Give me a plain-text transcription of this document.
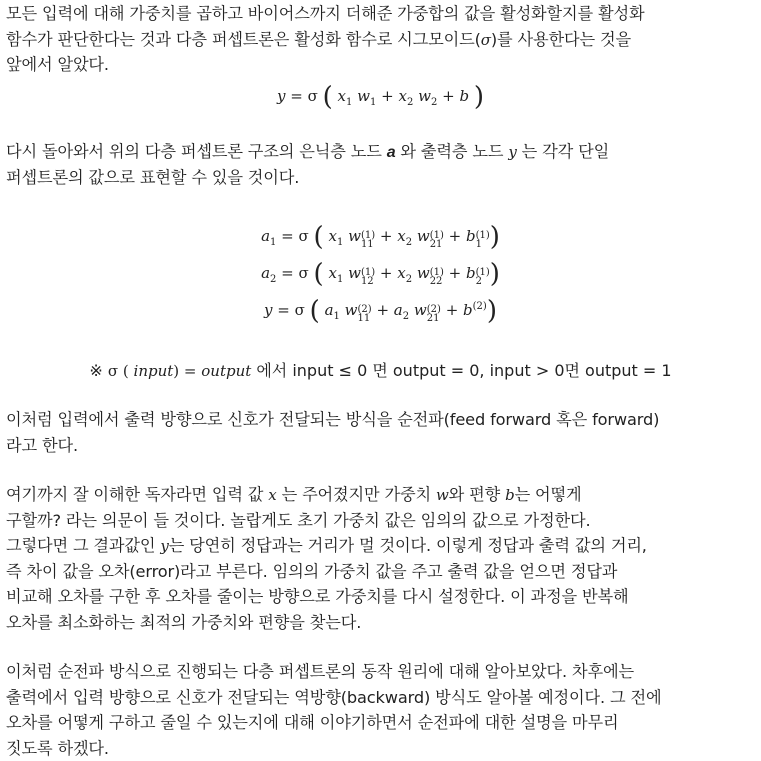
모든 입력에 대해 가중치를 곱하고 바이어스까지 더해준 가중합의 값을 활성화할지를 활성화
함수가 판단한다는 것과 다층 퍼셉트론은 활성화 함수로 시그모이드(σ)를 사용한다는 것을
앞에서 알았다.
y = σ ( $x_1$ $w_1 + x_2$ $w_2 + b$ )
다시 돌아와서 위의 다층 퍼셉트론 구조의 은닉층 노드 a 와 출력층 노드 y 는 각각 단일
퍼셉트론의 값으로 표현할 수 있을 것이다.
$a_1 = \sigma$ ( $x_1$ w (1)
$11 + x_2$ w (1)
21 + b (1)
1 )
$a_2 = \sigma$ ( $x_1$ w (1)
$12 + x_2$ w (1)
22 + b (1)
2 )
y = σ ( $a_1$ w (2)
$11 + a_2$ w (2)
$21 + b^{(2)}$)
※ σ ( input) = output 에서 input ≤ 0 면 output = 0, input > 0면 output = 1
이처럼 입력에서 출력 방향으로 신호가 전달되는 방식을 순전파(feed forward 혹은 forward)
라고 한다.
여기까지 잘 이해한 독자라면 입력 값 x 는 주어졌지만 가중치 w와 편향 b는 어떻게
구할까? 라는 의문이 들 것이다. 놀랍게도 초기 가중치 값은 임의의 값으로 가정한다.
그렇다면 그 결과값인 y는 당연히 정답과는 거리가 멀 것이다. 이렇게 정답과 출력 값의 거리,
즉 차이 값을 오차(error)라고 부른다. 임의의 가중치 값을 주고 출력 값을 얻으면 정답과
비교해 오차를 구한 후 오차를 줄이는 방향으로 가중치를 다시 설정한다. 이 과정을 반복해
오차를 최소화하는 최적의 가중치와 편향을 찾는다.
이처럼 순전파 방식으로 진행되는 다층 퍼셉트론의 동작 원리에 대해 알아보았다. 차후에는
출력에서 입력 방향으로 신호가 전달되는 역방향(backward) 방식도 알아볼 예정이다. 그 전에
오차를 어떻게 구하고 줄일 수 있는지에 대해 이야기하면서 순전파에 대한 설명을 마무리
짓도록 하겠다.
